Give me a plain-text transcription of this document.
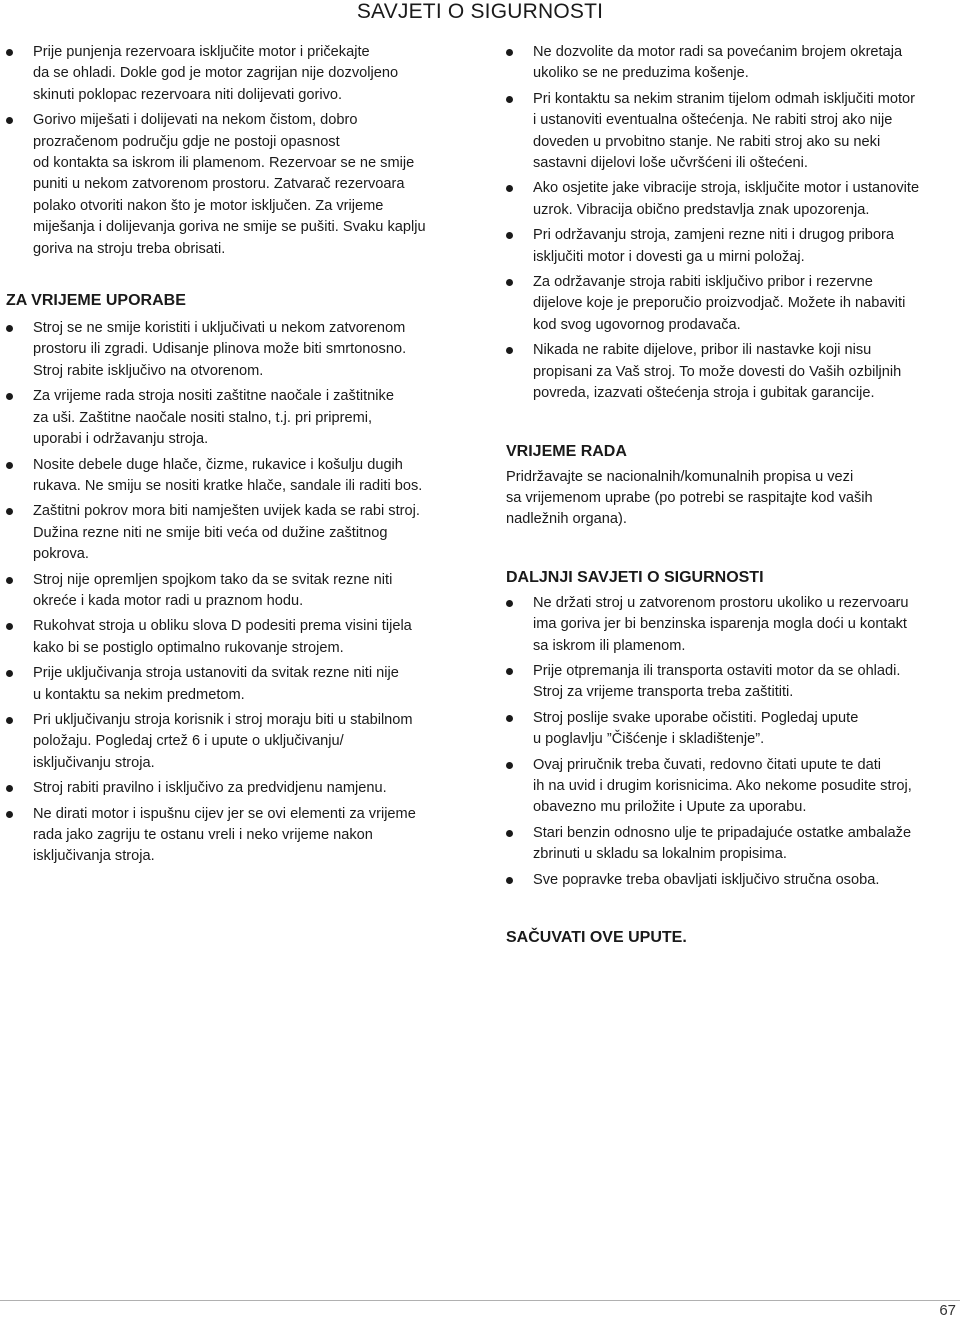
SAVJETI O SIGURNOSTI
Prije punjenja rezervoara isključite motor i pričekajte
da se ohladi. Dokle god je motor zagrijan nije dozvoljeno
skinuti poklopac rezervoara niti dolijevati gorivo.
Gorivo miješati i dolijevati na nekom čistom, dobro
prozračenom području gdje ne postoji opasnost
od kontakta sa iskrom ili plamenom. Rezervoar se ne smije
puniti u nekom zatvorenom prostoru. Zatvarač rezervoara
polako otvoriti nakon što je motor isključen. Za vrijeme
miješanja i dolijevanja goriva ne smije se pušiti. Svaku kaplju
goriva na stroju treba obrisati.
ZA VRIJEME UPORABE
Stroj se ne smije koristiti i uključivati u nekom zatvorenom
prostoru ili zgradi. Udisanje plinova može biti smrtonosno.
Stroj rabite isključivo na otvorenom.
Za vrijeme rada stroja nositi zaštitne naočale i zaštitnike
za uši. Zaštitne naočale nositi stalno, t.j. pri pripremi,
uporabi i održavanju stroja.
Nosite debele duge hlače, čizme, rukavice i košulju dugih
rukava. Ne smiju se nositi kratke hlače, sandale ili raditi bos.
Zaštitni pokrov mora biti namješten uvijek kada se rabi stroj.
Dužina rezne niti ne smije biti veća od dužine zaštitnog
pokrova.
Stroj nije opremljen spojkom tako da se svitak rezne niti
okreće i kada motor radi u praznom hodu.
Rukohvat stroja u obliku slova D podesiti prema visini tijela
kako bi se postiglo optimalno rukovanje strojem.
Prije uključivanja stroja ustanoviti da svitak rezne niti nije
u kontaktu sa nekim predmetom.
Pri uključivanju stroja korisnik i stroj moraju biti u stabilnom
položaju. Pogledaj crtež 6 i upute o uključivanju/
isključivanju stroja.
Stroj rabiti pravilno i isključivo za predvidjenu namjenu.
Ne dirati motor i ispušnu cijev jer se ovi elementi za vrijeme
rada jako zagriju te ostanu vreli i neko vrijeme nakon
isključivanja stroja.
Ne dozvolite da motor radi sa povećanim brojem okretaja
ukoliko se ne preduzima košenje.
Pri kontaktu sa nekim stranim tijelom odmah isključiti motor
i ustanoviti eventualna oštećenja. Ne rabiti stroj ako nije
doveden u prvobitno stanje. Ne rabiti stroj ako su neki
sastavni dijelovi loše učvršćeni ili oštećeni.
Ako osjetite jake vibracije stroja, isključite motor i ustanovite
uzrok. Vibracija obično predstavlja znak upozorenja.
Pri održavanju stroja, zamjeni rezne niti i drugog pribora
isključiti motor i dovesti ga u mirni položaj.
Za održavanje stroja rabiti isključivo pribor i rezervne
dijelove koje je preporučio proizvodjač. Možete ih nabaviti
kod svog ugovornog prodavača.
Nikada ne rabite dijelove, pribor ili nastavke koji nisu
propisani za Vaš stroj. To može dovesti do Vaših ozbiljnih
povreda, izazvati oštećenja stroja i gubitak garancije.
VRIJEME RADA
Pridržavajte se nacionalnih/komunalnih propisa u vezi
sa vrijemenom uprabe (po potrebi se raspitajte kod vaših
nadležnih organa).
DALJNJI SAVJETI O SIGURNOSTI
Ne držati stroj u zatvorenom prostoru ukoliko u rezervoaru
ima goriva jer bi benzinska isparenja mogla doći u kontakt
sa iskrom ili plamenom.
Prije otpremanja ili transporta ostaviti motor da se ohladi.
Stroj za vrijeme transporta treba zaštititi.
Stroj poslije svake uporabe očistiti. Pogledaj upute
u poglavlju ”Čišćenje i skladištenje”.
Ovaj priručnik treba čuvati, redovno čitati upute te dati
ih na uvid i drugim korisnicima. Ako nekome posudite stroj,
obavezno mu priložite i Upute za uporabu.
Stari benzin odnosno ulje te pripadajuće ostatke ambalaže
zbrinuti u skladu sa lokalnim propisima.
Sve popravke treba obavljati isključivo stručna osoba.
SAČUVATI OVE UPUTE.
67
